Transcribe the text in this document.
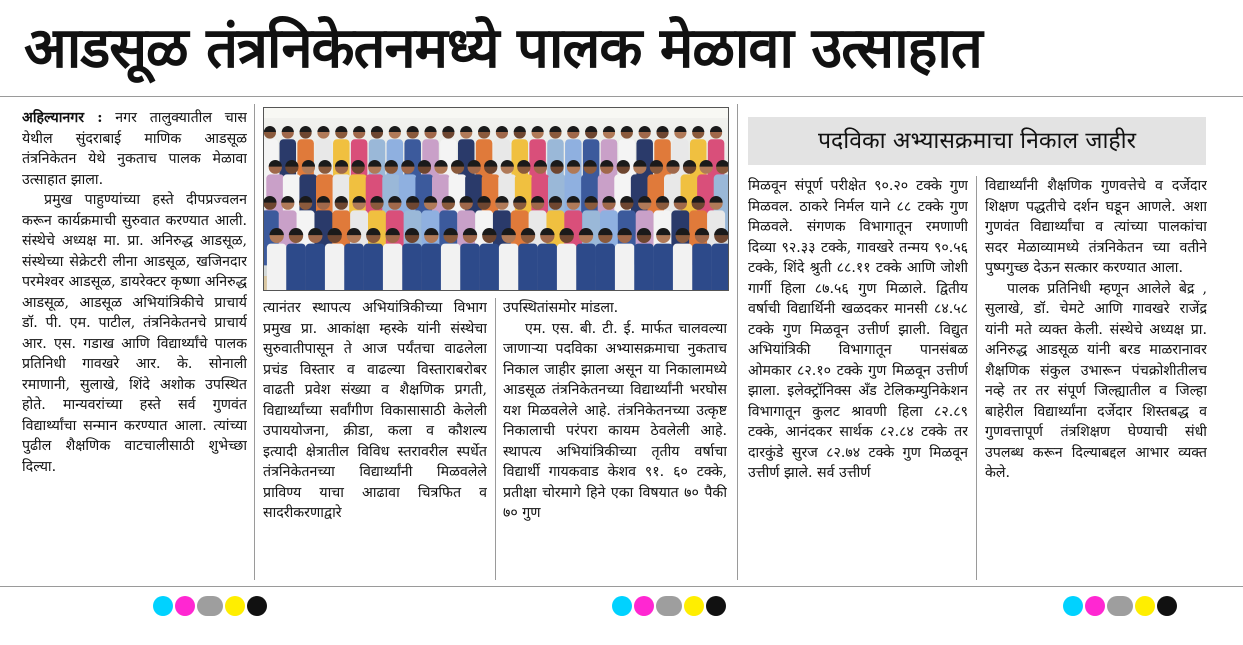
आडसूळ तंत्रनिकेतनमध्ये पालक मेळावा उत्साहात

अहिल्यानगर : नगर तालुक्यातील चास येथील सुंदराबाई माणिक आडसूळ तंत्रनिकेतन येथे नुकताच पालक मेळावा उत्साहात झाला.

प्रमुख पाहुण्यांच्या हस्ते दीपप्रज्वलन करून कार्यक्रमाची सुरुवात करण्यात आली. संस्थेचे अध्यक्ष मा. प्रा. अनिरुद्ध आडसूळ, संस्थेच्या सेक्रेटरी लीना आडसूळ, खजिनदार परमेश्वर आडसूळ, डायरेक्टर कृष्णा अनिरुद्ध आडसूळ, आडसूळ अभियांत्रिकीचे प्राचार्य डॉ. पी. एम. पाटील, तंत्रनिकेतनचे प्राचार्य आर. एस. गडाख आणि विद्यार्थ्यांचे पालक प्रतिनिधी गावखरे आर. के. सोनाली रमाणानी, सुलाखे, शिंदे अशोक उपस्थित होते. मान्यवरांच्या हस्ते सर्व गुणवंत विद्यार्थ्यांचा सन्मान करण्यात आला. त्यांच्या पुढील शैक्षणिक वाटचालीसाठी शुभेच्छा दिल्या.

त्यानंतर स्थापत्य अभियांत्रिकीच्या विभाग प्रमुख प्रा. आकांक्षा म्हस्के यांनी संस्थेचा सुरुवातीपासून ते आज पर्यंतचा वाढलेला प्रचंड विस्तार व वाढल्या विस्ताराबरोबर वाढती प्रवेश संख्या व शैक्षणिक प्रगती, विद्यार्थ्यांच्या सर्वांगीण विकासासाठी केलेली उपाययोजना, क्रीडा, कला व कौशल्य इत्यादी क्षेत्रातील विविध स्तरावरील स्पर्धेत तंत्रनिकेतनच्या विद्यार्थ्यांनी मिळवलेले प्राविण्य याचा आढावा चित्रफित व सादरीकरणाद्वारे

उपस्थितांसमोर मांडला.

एम. एस. बी. टी. ई. मार्फत चालवल्या जाणाऱ्या पदविका अभ्यासक्रमाचा नुकताच निकाल जाहीर झाला असून या निकालामध्ये आडसूळ तंत्रनिकेतनच्या विद्यार्थ्यांनी भरघोस यश मिळवलेले आहे. तंत्रनिकेतनच्या उत्कृष्ट निकालाची परंपरा कायम ठेवलेली आहे. स्थापत्य अभियांत्रिकीच्या तृतीय वर्षाचा विद्यार्थी गायकवाड केशव ९१. ६० टक्के, प्रतीक्षा चोरमागे हिने एका विषयात ७० पैकी ७० गुण

पदविका अभ्यासक्रमाचा निकाल जाहीर

मिळवून संपूर्ण परीक्षेत ९०.२० टक्के गुण मिळवल. ठाकरे निर्मल याने ८८ टक्के गुण मिळवले. संगणक विभागातून रमणाणी दिव्या ९२.३३ टक्के, गावखरे तन्मय ९०.५६ टक्के, शिंदे श्रुती ८८.११ टक्के आणि जोशी गार्गी हिला ८७.५६ गुण मिळाले. द्वितीय वर्षाची विद्यार्थिनी खळदकर मानसी ८४.५८ टक्के गुण मिळवून उत्तीर्ण झाली. विद्युत अभियांत्रिकी विभागातून पानसंबळ ओमकार ८२.१० टक्के गुण मिळवून उत्तीर्ण झाला. इलेक्ट्रॉनिक्स अँड टेलिकम्युनिकेशन विभागातून कुलट श्रावणी हिला ८२.८९ टक्के, आनंदकर सार्थक ८२.८४ टक्के तर दारकुंडे सुरज ८२.७४ टक्के गुण मिळवून उत्तीर्ण झाले. सर्व उत्तीर्ण

विद्यार्थ्यांनी शैक्षणिक गुणवत्तेचे व दर्जेदार शिक्षण पद्धतीचे दर्शन घडून आणले. अशा गुणवंत विद्यार्थ्यांचा व त्यांच्या पालकांचा सदर मेळाव्यामध्ये तंत्रनिकेतन च्या वतीने पुष्पगुच्छ देऊन सत्कार करण्यात आला.

पालक प्रतिनिधी म्हणून आलेले बेद्र , सुलाखे, डॉ. चेमटे आणि गावखरे राजेंद्र यांनी मते व्यक्त केली. संस्थेचे अध्यक्ष प्रा. अनिरुद्ध आडसूळ यांनी बरड माळरानावर शैक्षणिक संकुल उभारून पंचक्रोशीतीलच नव्हे तर तर संपूर्ण जिल्ह्यातील व जिल्हा बाहेरील विद्यार्थ्यांना दर्जेदार शिस्तबद्ध व गुणवत्तापूर्ण तंत्रशिक्षण घेण्याची संधी उपलब्ध करून दिल्याबद्दल आभार व्यक्त केले.
